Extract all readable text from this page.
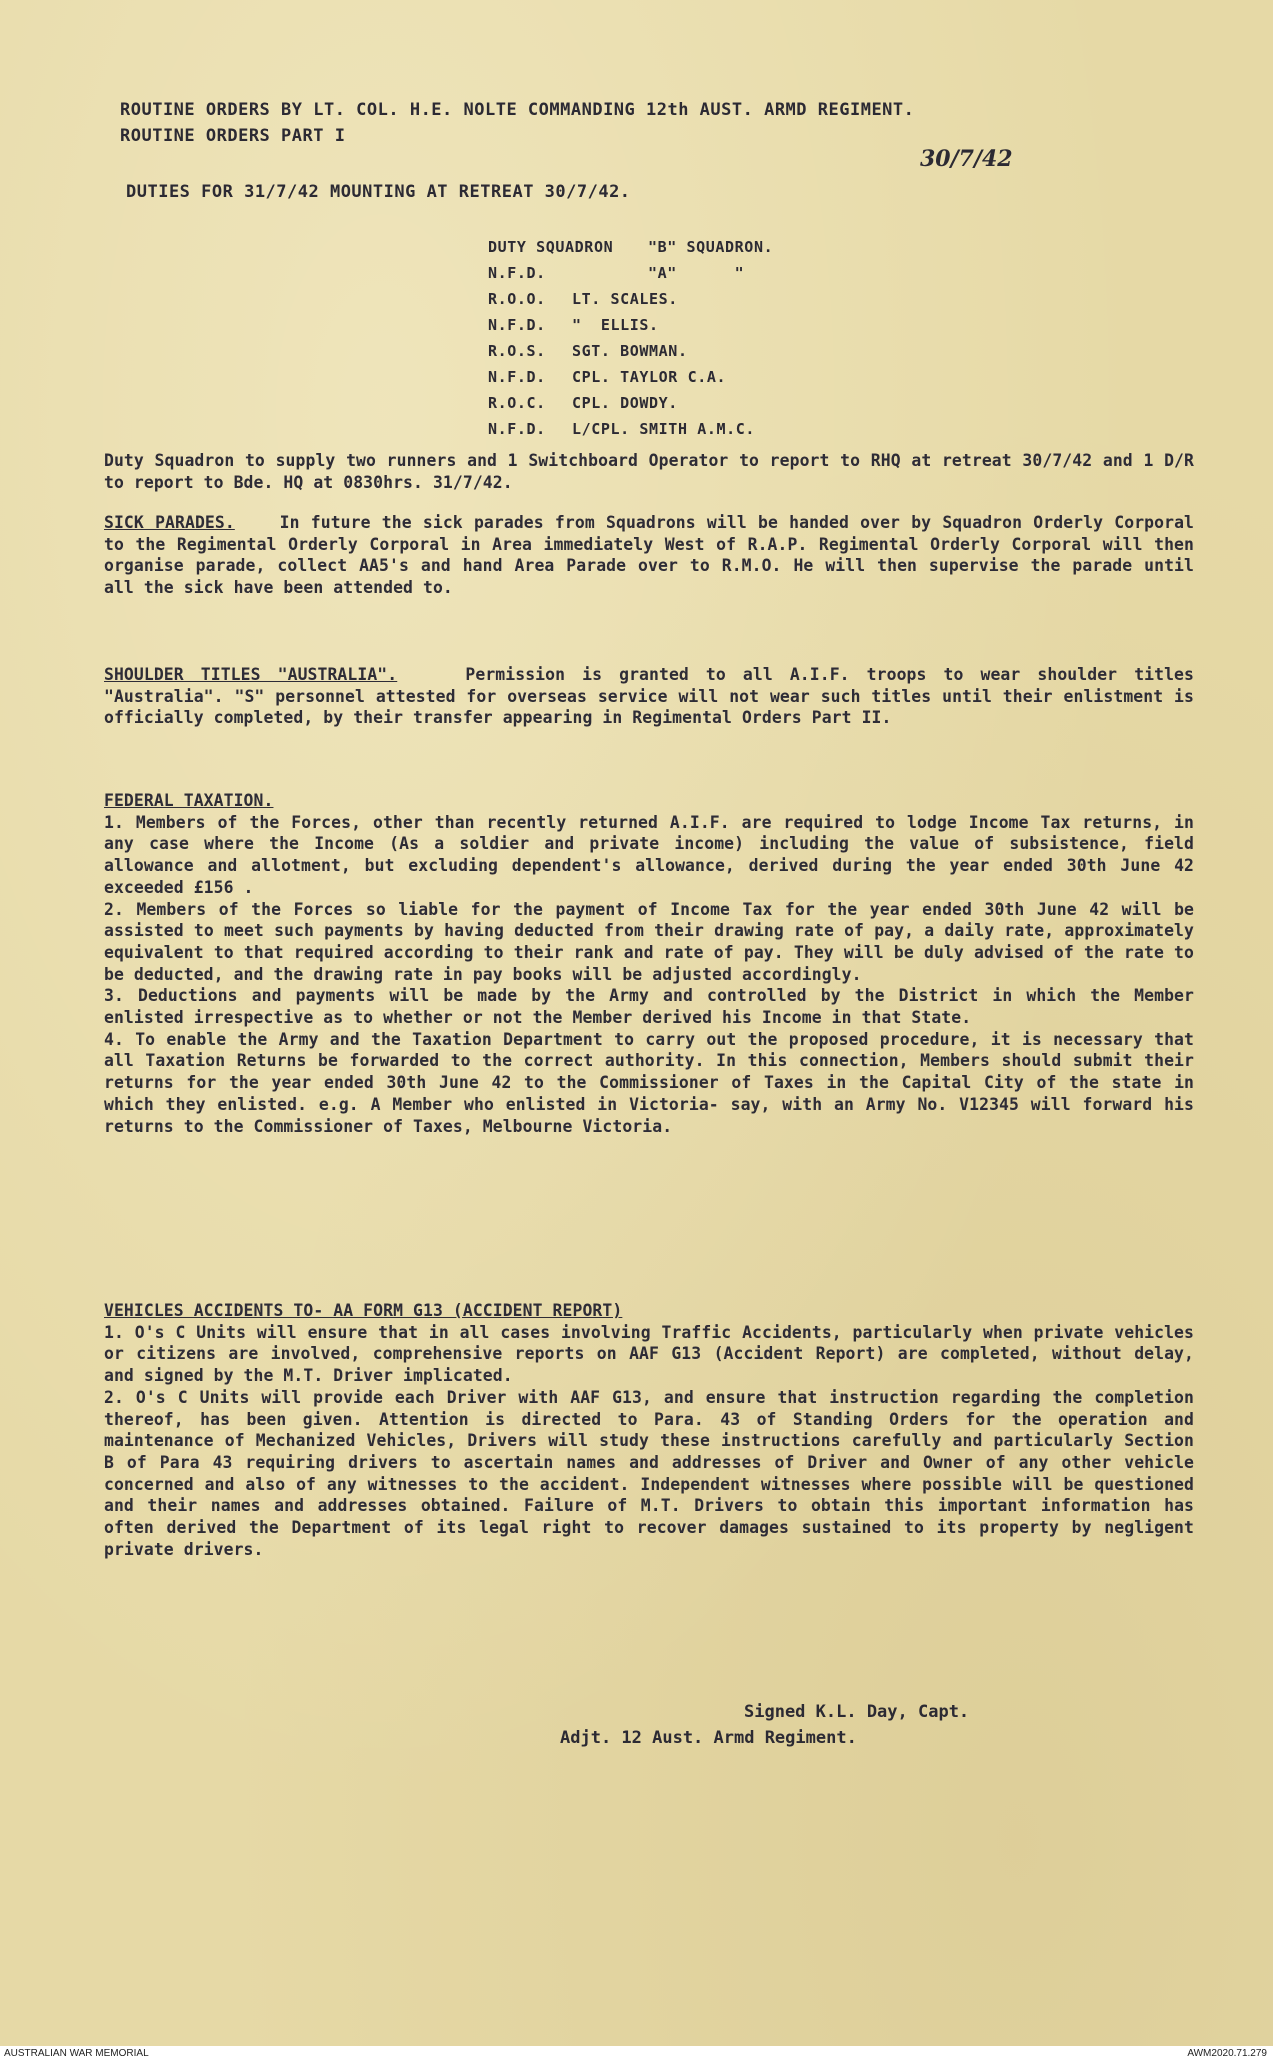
ROUTINE ORDERS BY LT. COL. H.E. NOLTE COMMANDING 12th AUST. ARMD REGIMENT.
ROUTINE ORDERS PART I
30/7/42
DUTIES FOR 31/7/42 MOUNTING AT RETREAT 30/7/42.
DUTY SQUADRON "B" SQUADRON.
N.F.D.	"A"      "
R.O.O. LT. SCALES.
N.F.D. "  ELLIS.
R.O.S. SGT. BOWMAN.
N.F.D. CPL. TAYLOR C.A.
R.O.C. CPL. DOWDY.
N.F.D. L/CPL. SMITH A.M.C.

Duty Squadron to supply two runners and 1 Switchboard Operator to report to RHQ at retreat 30/7/42 and 1 D/R to report to Bde. HQ at 0830hrs. 31/7/42.

SICK PARADES.	In future the sick parades from Squadrons will be handed over by Squadron Orderly Corporal to the Regimental Orderly Corporal in Area immediately West of R.A.P. Regimental Orderly Corporal will then organise parade, collect AA5's and hand Area Parade over to R.M.O. He will then supervise the parade until all the sick have been attended to.
SHOULDER TITLES "AUSTRALIA".	Permission is granted to all A.I.F. troops to wear shoulder titles "Australia". "S" personnel attested for overseas service will not wear such titles until their enlistment is officially completed, by their transfer appearing in Regimental Orders Part II.
FEDERAL TAXATION.

1. Members of the Forces, other than recently returned A.I.F. are required to lodge Income Tax returns, in any case where the Income (As a soldier and private income) including the value of subsistence, field allowance and allotment, but excluding dependent's allowance, derived during the year ended 30th June 42 exceeded £156 .

2. Members of the Forces so liable for the payment of Income Tax for the year ended 30th June 42 will be assisted to meet such payments by having deducted from their drawing rate of pay, a daily rate, approximately equivalent to that required according to their rank and rate of pay. They will be duly advised of the rate to be deducted, and the drawing rate in pay books will be adjusted accordingly.

3. Deductions and payments will be made by the Army and controlled by the District in which the Member enlisted irrespective as to whether or not the Member derived his Income in that State.

4. To enable the Army and the Taxation Department to carry out the proposed procedure, it is necessary that all Taxation Returns be forwarded to the correct authority. In this connection, Members should submit their returns for the year ended 30th June 42 to the Commissioner of Taxes in the Capital City of the state in which they enlisted. e.g. A Member who enlisted in Victoria- say, with an Army No. V12345 will forward his returns to the Commissioner of Taxes, Melbourne Victoria.

VEHICLES ACCIDENTS TO- AA FORM G13 (ACCIDENT REPORT)

1. O's C Units will ensure that in all cases involving Traffic Accidents, particularly when private vehicles or citizens are involved, comprehensive reports on AAF G13 (Accident Report) are completed, without delay, and signed by the M.T. Driver implicated.

2. O's C Units will provide each Driver with AAF G13, and ensure that instruction regarding the completion thereof, has been given. Attention is directed to Para. 43 of Standing Orders for the operation and maintenance of Mechanized Vehicles, Drivers will study these instructions carefully and particularly Section B of Para 43 requiring drivers to ascertain names and addresses of Driver and Owner of any other vehicle concerned and also of any witnesses to the accident. Independent witnesses where possible will be questioned and their names and addresses obtained. Failure of M.T. Drivers to obtain this important information has often derived the Department of its legal right to recover damages sustained to its property by negligent private drivers.

Signed K.L. Day, Capt.
Adjt. 12 Aust. Armd Regiment.
AUSTRALIAN WAR MEMORIAL	AWM2020.71.279
